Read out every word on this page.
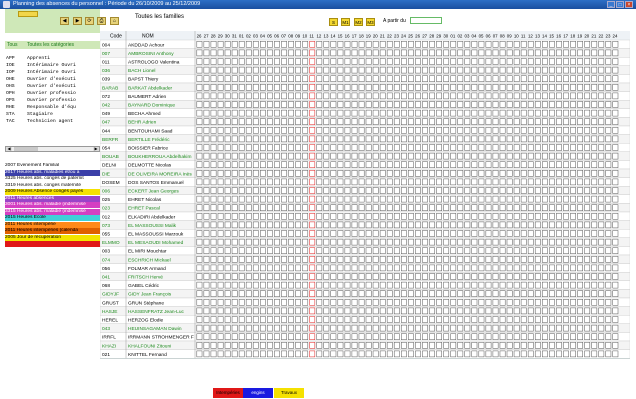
Planning des absences du personnel : Période du 26/10/2009 au 25/12/2009	_	□	×
Tous Toutes les catégories
APP	Apprenti
IOE	Intérimaire Ouvri
IOP	Intérimaire Ouvri
OHE	Ouvrier d'exécuti
OHS	Ouvrier d'exécuti
OPH	Ouvrier professio
OPS	Ouvrier professio
RHE	Responsable d'équ
STA	Stagiaire
TAC	Technicien agent
◀	▶
2007 Evenement Familial
2017 Heures abs. maladies et/ou a
3325 Heures abs. congés de paternit
3319 Heures abs. congés maternité
2009 Heures Absence congés payés
2011 Heures absences
3001 Heures abs. maladie (indemnisé
3315 Heures abs. maladie (indemnisé
2015 Heures Ecole
2011 Heures intempérie
2011 Heures intempéries (calenda
2005 Jour de récupération
2021 Jour férié
◀	▶	⟳	⎙	⌂
Toutes les familles
S	M1	M2	M3 A partir du
Code	NOM	26 27 28 29 30 31 01 02 03 04 05 06 07 08 09 10 11 12 13 14 15 16 17 18 19 20 21 22 23 24 25 26 27 28 29 30 01 02 03 04 05 06 07 08 09 10 11 12 13 14 15 16 17 18 19 20 21 22 23 24
004	AKDDAD Achour
007	AMBROSINI Anthony
011	ASTROLOGO Valentina
036	BACH Lionel
039	BAPST Thiery
BARAB BARKAT Abdelkader
072	BAUMERT Adrien
042	BAYNARD Dominique
049	BECHA Ahmed
047	BEHR Adrien
044	BENTOUHAMI Saad
BERFR BERTILLE Frédéric
054	BOISSIER Fabrice
BOUAB BOUKHERROUA Abdelhakim
DELNI DELMOTTE Nicolas
DIE	DE OLIVEIRA MOREIRA Inès
DOSEM DOS SANTOS Emmanuel
006	ECKERT Jean Georges
025	EHRET Nicolas
023	EHRET Pascal
012	ELKADIRI Abdelkader
073	EL MASSOUSSI Malik
055	EL MASSOUSSI Marzouk
ELMMO EL MESAOUDI Mohamed
003	EL MIRI Mouchtar
074	ESCHRICH Mickael
056	FOLMAR Armand
041	FRITSCH Hervé
068	GABEL Cédric
GIDYJF GIDY Jean François
GRUST GRUN Stéphane
HASJE HASSENFRATZ Jean-Luc
HEREL HERZOG Elodie
043	HEUINSAGAMAN Dawin
IRRFL	IRRMANN STROHMENGER F
KHAZI KHALFOUNI Zitouni
021	KNITTEL Fernand
Intempéries	engins	Travaux
